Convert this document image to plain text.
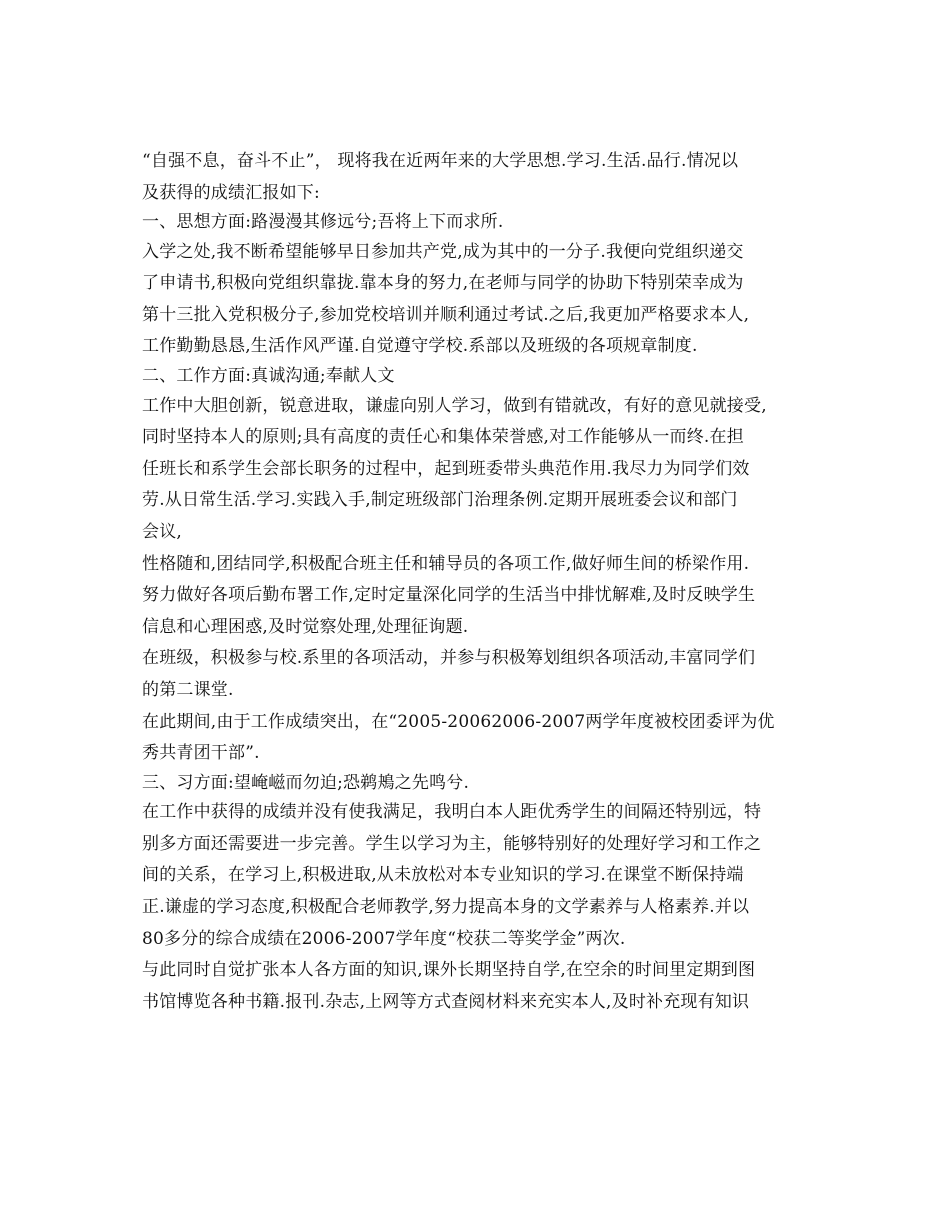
“自强不息，奋斗不止”， 现将我在近两年来的大学思想.学习.生活.品行.情况以
及获得的成绩汇报如下:
一、思想方面:路漫漫其修远兮;吾将上下而求所.
入学之处,我不断希望能够早日参加共产党,成为其中的一分子.我便向党组织递交
了申请书,积极向党组织靠拢.靠本身的努力,在老师与同学的协助下特别荣幸成为
第十三批入党积极分子,参加党校培训并顺利通过考试.之后,我更加严格要求本人,
工作勤勤恳恳,生活作风严谨.自觉遵守学校.系部以及班级的各项规章制度.
二、工作方面:真诚沟通;奉献人文
工作中大胆创新，锐意进取，谦虚向别人学习，做到有错就改，有好的意见就接受,
同时坚持本人的原则;具有高度的责任心和集体荣誉感,对工作能够从一而终.在担
任班长和系学生会部长职务的过程中，起到班委带头典范作用.我尽力为同学们效
劳.从日常生活.学习.实践入手,制定班级部门治理条例.定期开展班委会议和部门
会议,
性格随和,团结同学,积极配合班主任和辅导员的各项工作,做好师生间的桥梁作用.
努力做好各项后勤布署工作,定时定量深化同学的生活当中排忧解难,及时反映学生
信息和心理困惑,及时觉察处理,处理征询题.
在班级，积极参与校.系里的各项活动，并参与积极筹划组织各项活动,丰富同学们
的第二课堂.
在此期间,由于工作成绩突出，在“2005-20062006-2007两学年度被校团委评为优
秀共青团干部”.
三、习方面:望崦嵫而勿迫;恐鹈鴂之先鸣兮.
在工作中获得的成绩并没有使我满足，我明白本人距优秀学生的间隔还特别远，特
别多方面还需要进一步完善。学生以学习为主，能够特别好的处理好学习和工作之
间的关系，在学习上,积极进取,从未放松对本专业知识的学习.在课堂不断保持端
正.谦虚的学习态度,积极配合老师教学,努力提高本身的文学素养与人格素养.并以
80多分的综合成绩在2006-2007学年度“校获二等奖学金”两次.
与此同时自觉扩张本人各方面的知识,课外长期坚持自学,在空余的时间里定期到图
书馆博览各种书籍.报刊.杂志,上网等方式查阅材料来充实本人,及时补充现有知识
